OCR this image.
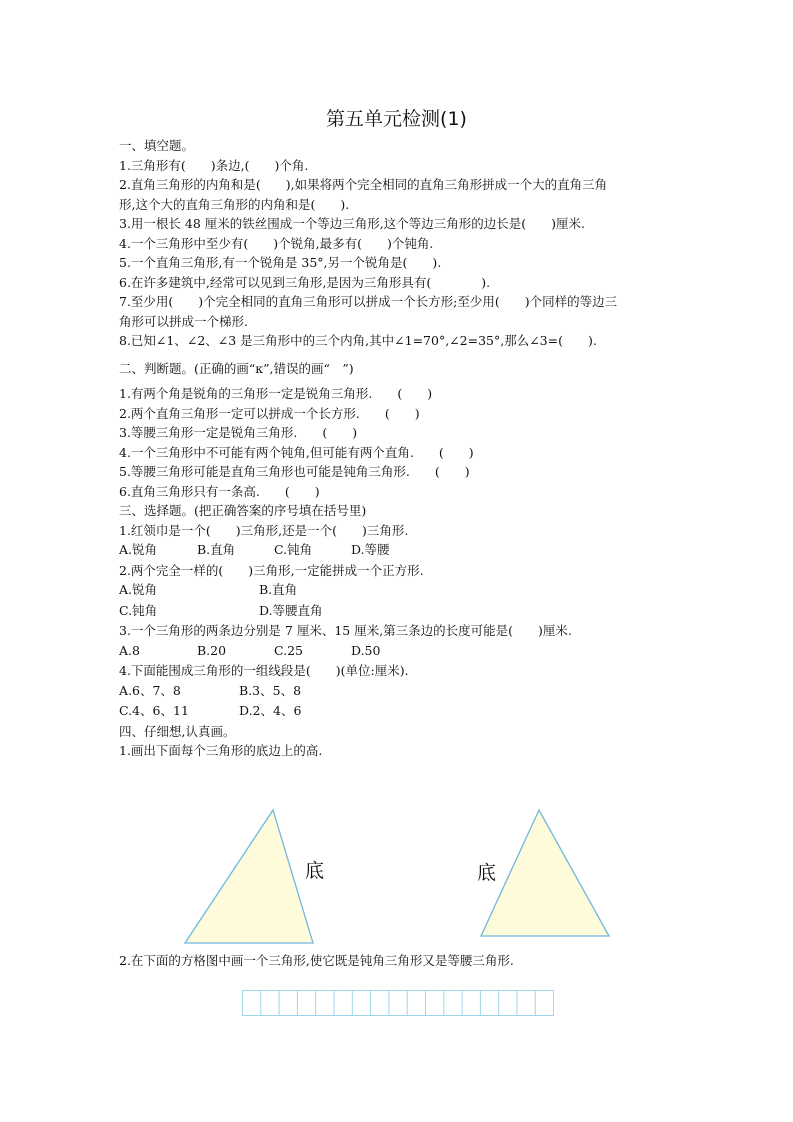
第五单元检测(1)
一、填空题。
1.三角形有(　　)条边,(　　)个角.
2.直角三角形的内角和是(　　),如果将两个完全相同的直角三角形拼成一个大的直角三角
形,这个大的直角三角形的内角和是(　　).
3.用一根长 48 厘米的铁丝围成一个等边三角形,这个等边三角形的边长是(　　)厘米.
4.一个三角形中至少有(　　)个锐角,最多有(　　)个钝角.
5.一个直角三角形,有一个锐角是 35°,另一个锐角是(　　).
6.在许多建筑中,经常可以见到三角形,是因为三角形具有(　　　　).
7.至少用(　　)个完全相同的直角三角形可以拼成一个长方形;至少用(　　)个同样的等边三
角形可以拼成一个梯形.
8.已知∠1、∠2、∠3 是三角形中的三个内角,其中∠1=70°,∠2=35°,那么∠3=(　　).
二、判断题。(正确的画“к”,错误的画“　”)
1.有两个角是锐角的三角形一定是锐角三角形.　　(　　)
2.两个直角三角形一定可以拼成一个长方形.　　(　　)
3.等腰三角形一定是锐角三角形.　　(　　)
4.一个三角形中不可能有两个钝角,但可能有两个直角.　　(　　)
5.等腰三角形可能是直角三角形也可能是钝角三角形.　　(　　)
6.直角三角形只有一条高.　　(　　)
三、选择题。(把正确答案的序号填在括号里)
1.红领巾是一个(　　)三角形,还是一个(　　)三角形.
A.锐角	B.直角	C.钝角	D.等腰
2.两个完全一样的(　　)三角形,一定能拼成一个正方形.
A.锐角	B.直角
C.钝角	D.等腰直角
3.一个三角形的两条边分别是 7 厘米、15 厘米,第三条边的长度可能是(　　)厘米.
A.8	B.20	C.25	D.50
4.下面能围成三角形的一组线段是(　　)(单位:厘米).
A.6、7、8	B.3、5、8
C.4、6、11	D.2、4、6
四、仔细想,认真画。
1.画出下面每个三角形的底边上的高.
底	底
2.在下面的方格图中画一个三角形,使它既是钝角三角形又是等腰三角形.
